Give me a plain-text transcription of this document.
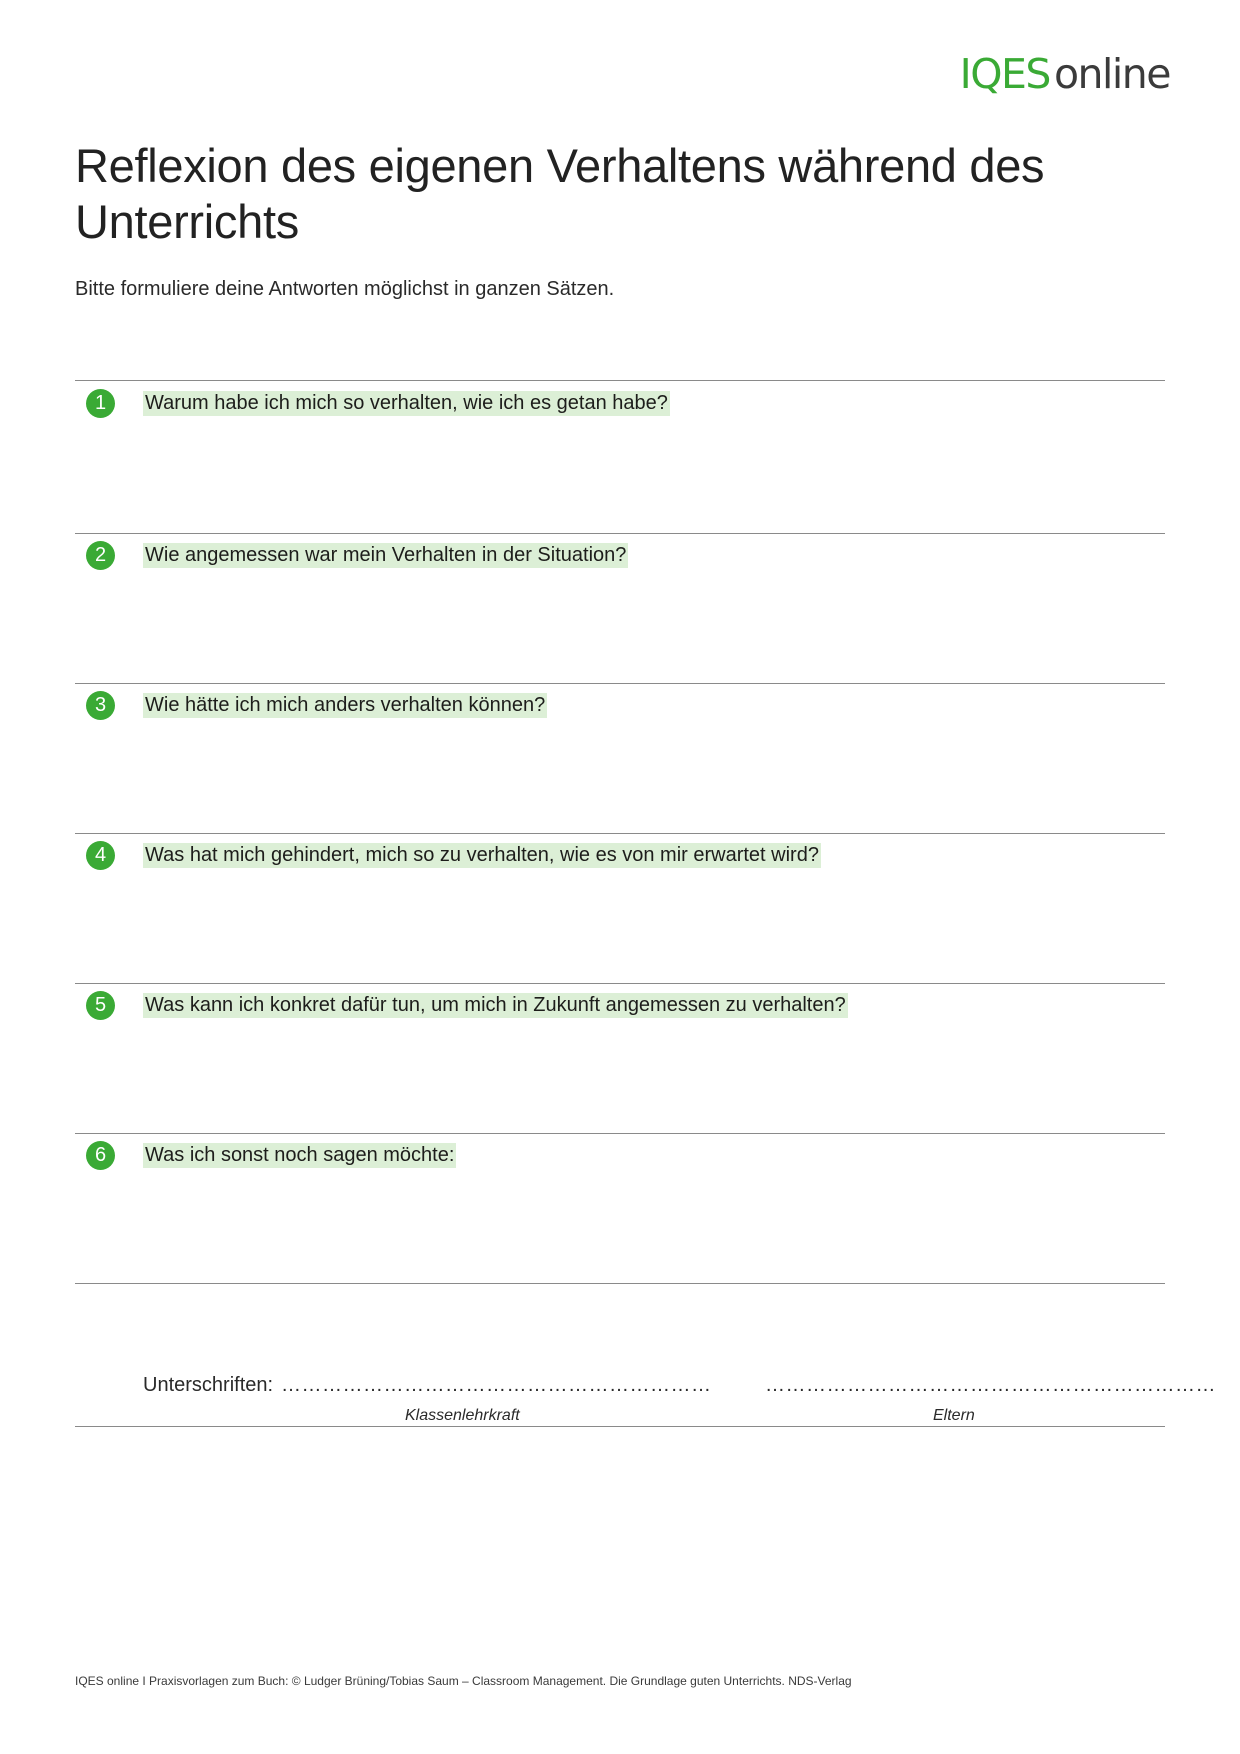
IQESonline
Reflexion des eigenen Verhaltens während des Unterrichts
Bitte formuliere deine Antworten möglichst in ganzen Sätzen.
1	Warum habe ich mich so verhalten, wie ich es getan habe?
2	Wie angemessen war mein Verhalten in der Situation?
3	Wie hätte ich mich anders verhalten können?
4	Was hat mich gehindert, mich so zu verhalten, wie es von mir erwartet wird?
5	Was kann ich konkret dafür tun, um mich in Zukunft angemessen zu verhalten?
6	Was ich sonst noch sagen möchte:
Unterschriften: ………………………………………………………	…………………………………………………………
Klassenlehrkraft	Eltern
IQES online I Praxisvorlagen zum Buch: © Ludger Brüning/Tobias Saum – Classroom Management. Die Grundlage guten Unterrichts. NDS-Verlag
